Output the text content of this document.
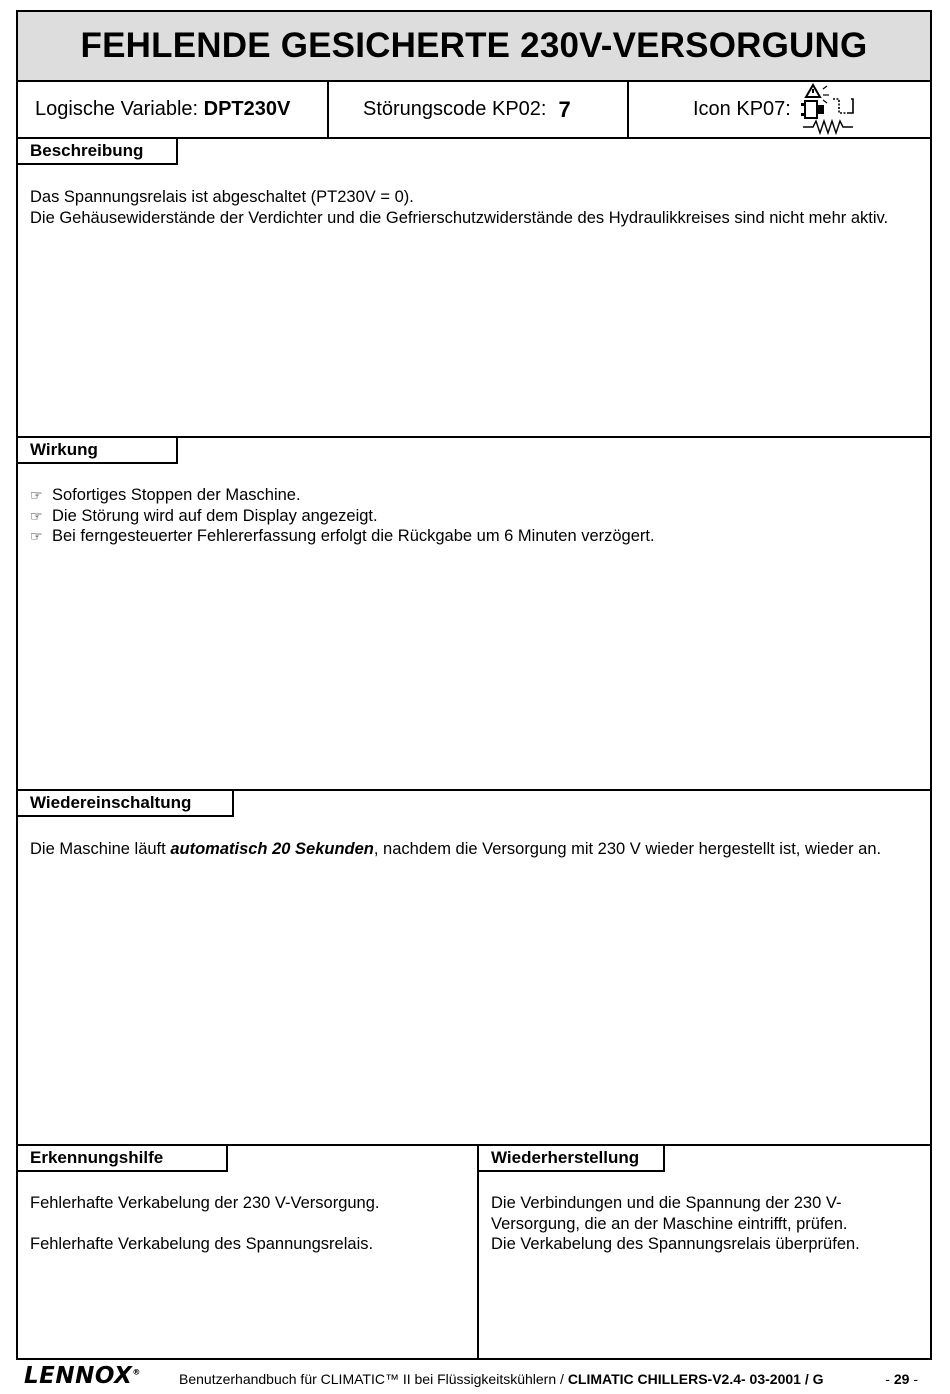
FEHLENDE GESICHERTE 230V-VERSORGUNG
Logische Variable:
DPT230V	Störungscode KP02: 7	Icon KP07:
Beschreibung
Das Spannungsrelais ist abgeschaltet (PT230V = 0).
Die Gehäusewiderstände der Verdichter und die Gefrierschutzwiderstände des Hydraulikkreises sind nicht mehr aktiv.
Wirkung
☞ Sofortiges Stoppen der Maschine.
☞ Die Störung wird auf dem Display angezeigt.
☞ Bei ferngesteuerter Fehlererfassung erfolgt die Rückgabe um 6 Minuten verzögert.
Wiedereinschaltung
Die Maschine läuft automatisch 20 Sekunden, nachdem die Versorgung mit 230 V wieder hergestellt ist, wieder an.
Erkennungshilfe
Fehlerhafte Verkabelung der 230 V-Versorgung.
Fehlerhafte Verkabelung des Spannungsrelais.
Wiederherstellung
Die Verbindungen und die Spannung der 230 V-Versorgung, die an der Maschine eintrifft, prüfen.
Die Verkabelung des Spannungsrelais überprüfen.
LENNOX®	Benutzerhandbuch für CLIMATIC™ II bei Flüssigkeitskühlern / CLIMATIC CHILLERS-V2.4- 03-2001 / G	- 29 -
